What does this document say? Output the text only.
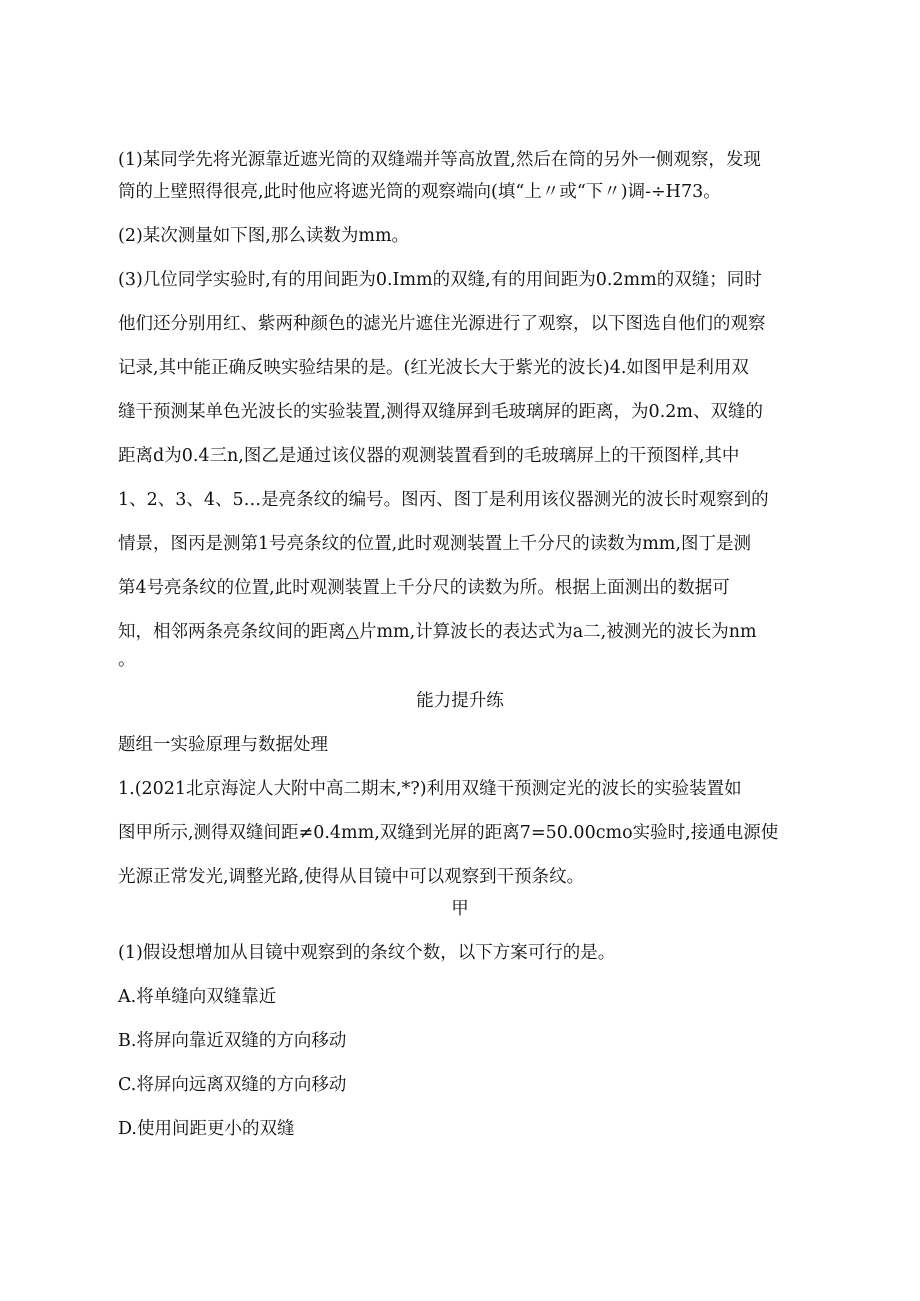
(1)某同学先将光源靠近遮光筒的双缝端并等高放置,然后在筒的另外一侧观察，发现
筒的上壁照得很亮,此时他应将遮光筒的观察端向(填“上〃或“下〃)调-÷H73。
(2)某次测量如下图,那么读数为mm。
(3)几位同学实验时,有的用间距为0.Imm的双缝,有的用间距为0.2mm的双缝；同时
他们还分别用红、紫两种颜色的滤光片遮住光源进行了观察，以下图选自他们的观察
记录,其中能正确反映实验结果的是。(红光波长大于紫光的波长)4.如图甲是利用双
缝干预测某单色光波长的实验装置,测得双缝屏到毛玻璃屏的距离，为0.2m、双缝的
距离d为0.4三n,图乙是通过该仪器的观测装置看到的毛玻璃屏上的干预图样,其中
1、2、3、4、5…是亮条纹的编号。图丙、图丁是利用该仪器测光的波长时观察到的
情景，图丙是测第1号亮条纹的位置,此时观测装置上千分尺的读数为mm,图丁是测
第4号亮条纹的位置,此时观测装置上千分尺的读数为所。根据上面测出的数据可
知，相邻两条亮条纹间的距离△片mm,计算波长的表达式为a二,被测光的波长为nm
。
能力提升练
题组一实验原理与数据处理
1.(2021北京海淀人大附中高二期末,*?)利用双缝干预测定光的波长的实验装置如
图甲所示,测得双缝间距≠0.4mm,双缝到光屏的距离7=50.00cmo实验时,接通电源使
光源正常发光,调整光路,使得从目镜中可以观察到干预条纹。
甲
(1)假设想增加从目镜中观察到的条纹个数，以下方案可行的是。
A.将单缝向双缝靠近
B.将屏向靠近双缝的方向移动
C.将屏向远离双缝的方向移动
D.使用间距更小的双缝
